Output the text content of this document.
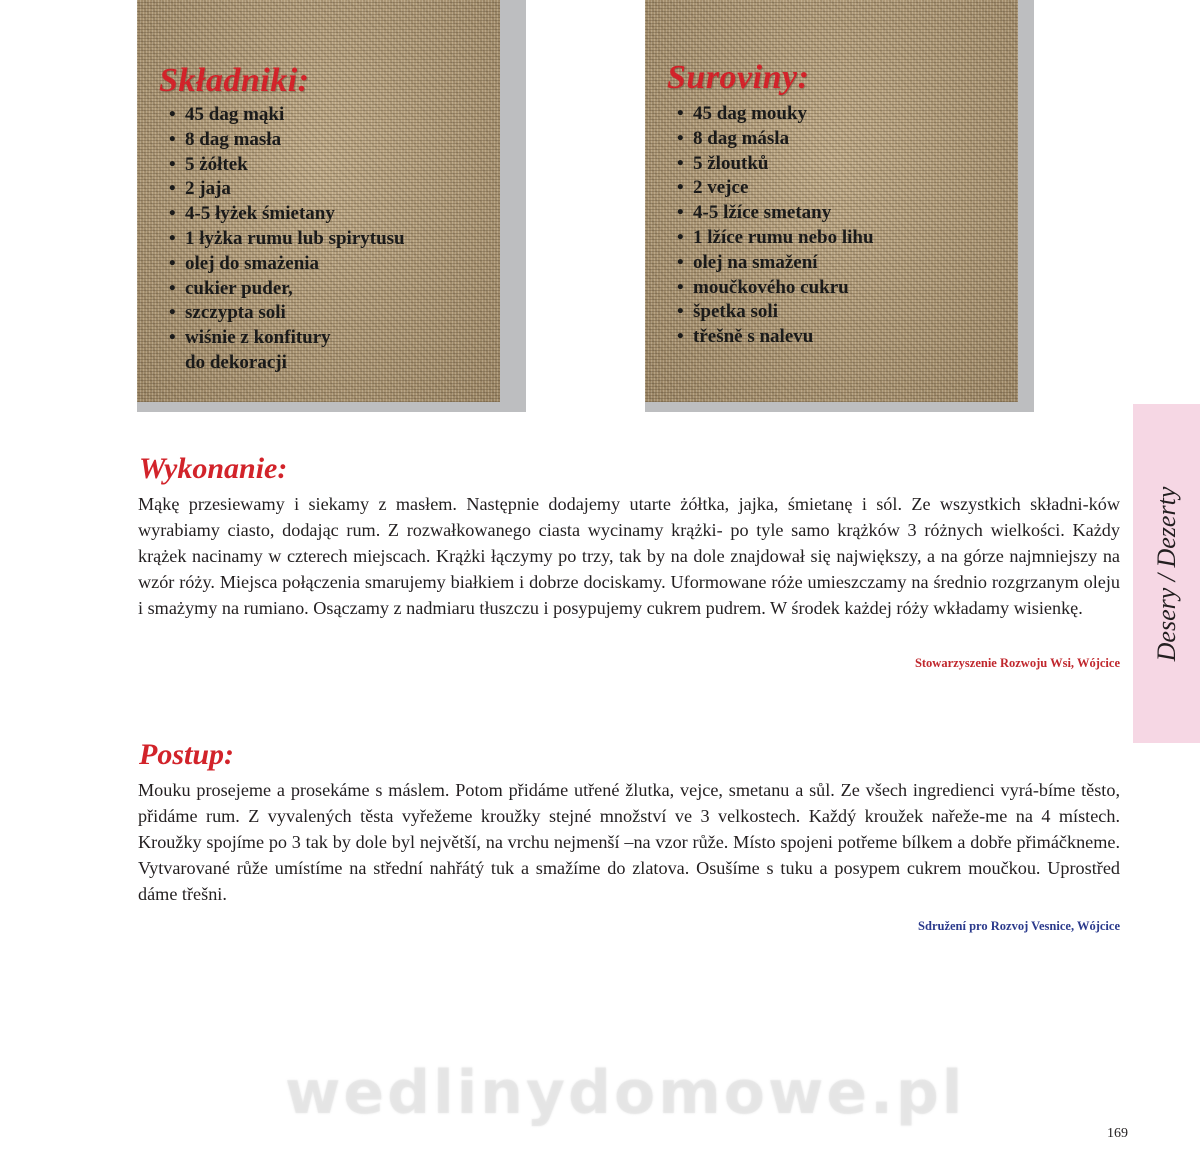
Składniki:
• 45 dag mąki
• 8 dag masła
• 5 żółtek
• 2 jaja
• 4-5 łyżek śmietany
• 1 łyżka rumu lub spirytusu
• olej do smażenia
• cukier puder,
• szczypta soli
• wiśnie z konfitury do dekoracji
Suroviny:
• 45 dag mouky
• 8 dag másla
• 5 žloutků
• 2 vejce
• 4-5 lžíce smetany
• 1 lžíce rumu nebo lihu
• olej na smažení
• moučkového cukru
• špetka soli
• třešně s nalevu
Wykonanie:

Mąkę przesiewamy i siekamy z masłem. Następnie dodajemy utarte żółtka, jajka, śmietanę i sól. Ze wszystkich składni-ków wyrabiamy ciasto, dodając rum. Z rozwałkowanego ciasta wycinamy krążki- po tyle samo krążków 3 różnych wielkości. Każdy krążek nacinamy w czterech miejscach. Krążki łączymy po trzy, tak by na dole znajdował się największy, a na górze najmniejszy na wzór róży. Miejsca połączenia smarujemy białkiem i dobrze dociskamy. Uformowane róże umieszczamy na średnio rozgrzanym oleju i smażymy na rumiano. Osączamy z nadmiaru tłuszczu i posypujemy cukrem pudrem. W środek każdej róży wkładamy wisienkę.

Stowarzyszenie Rozwoju Wsi, Wójcice

Postup:

Mouku prosejeme a prosekáme s máslem. Potom přidáme utřené žlutka, vejce, smetanu a sůl. Ze všech ingredienci vyrá-bíme těsto, přidáme rum. Z vyvalených těsta vyřežeme kroužky stejné množství ve 3 velkostech. Každý kroužek nařeže-me na 4 místech. Kroužky spojíme po 3 tak by dole byl největší, na vrchu nejmenší –na vzor růže. Místo spojeni potřeme bílkem a dobře přimáčkneme. Vytvarované růže umístíme na střední nahřátý tuk a smažíme do zlatova. Osušíme s tuku a posypem cukrem moučkou. Uprostřed dáme třešni.

Sdružení pro Rozvoj Vesnice, Wójcice

Desery / Dezerty
wedlinydomowe.pl
169
